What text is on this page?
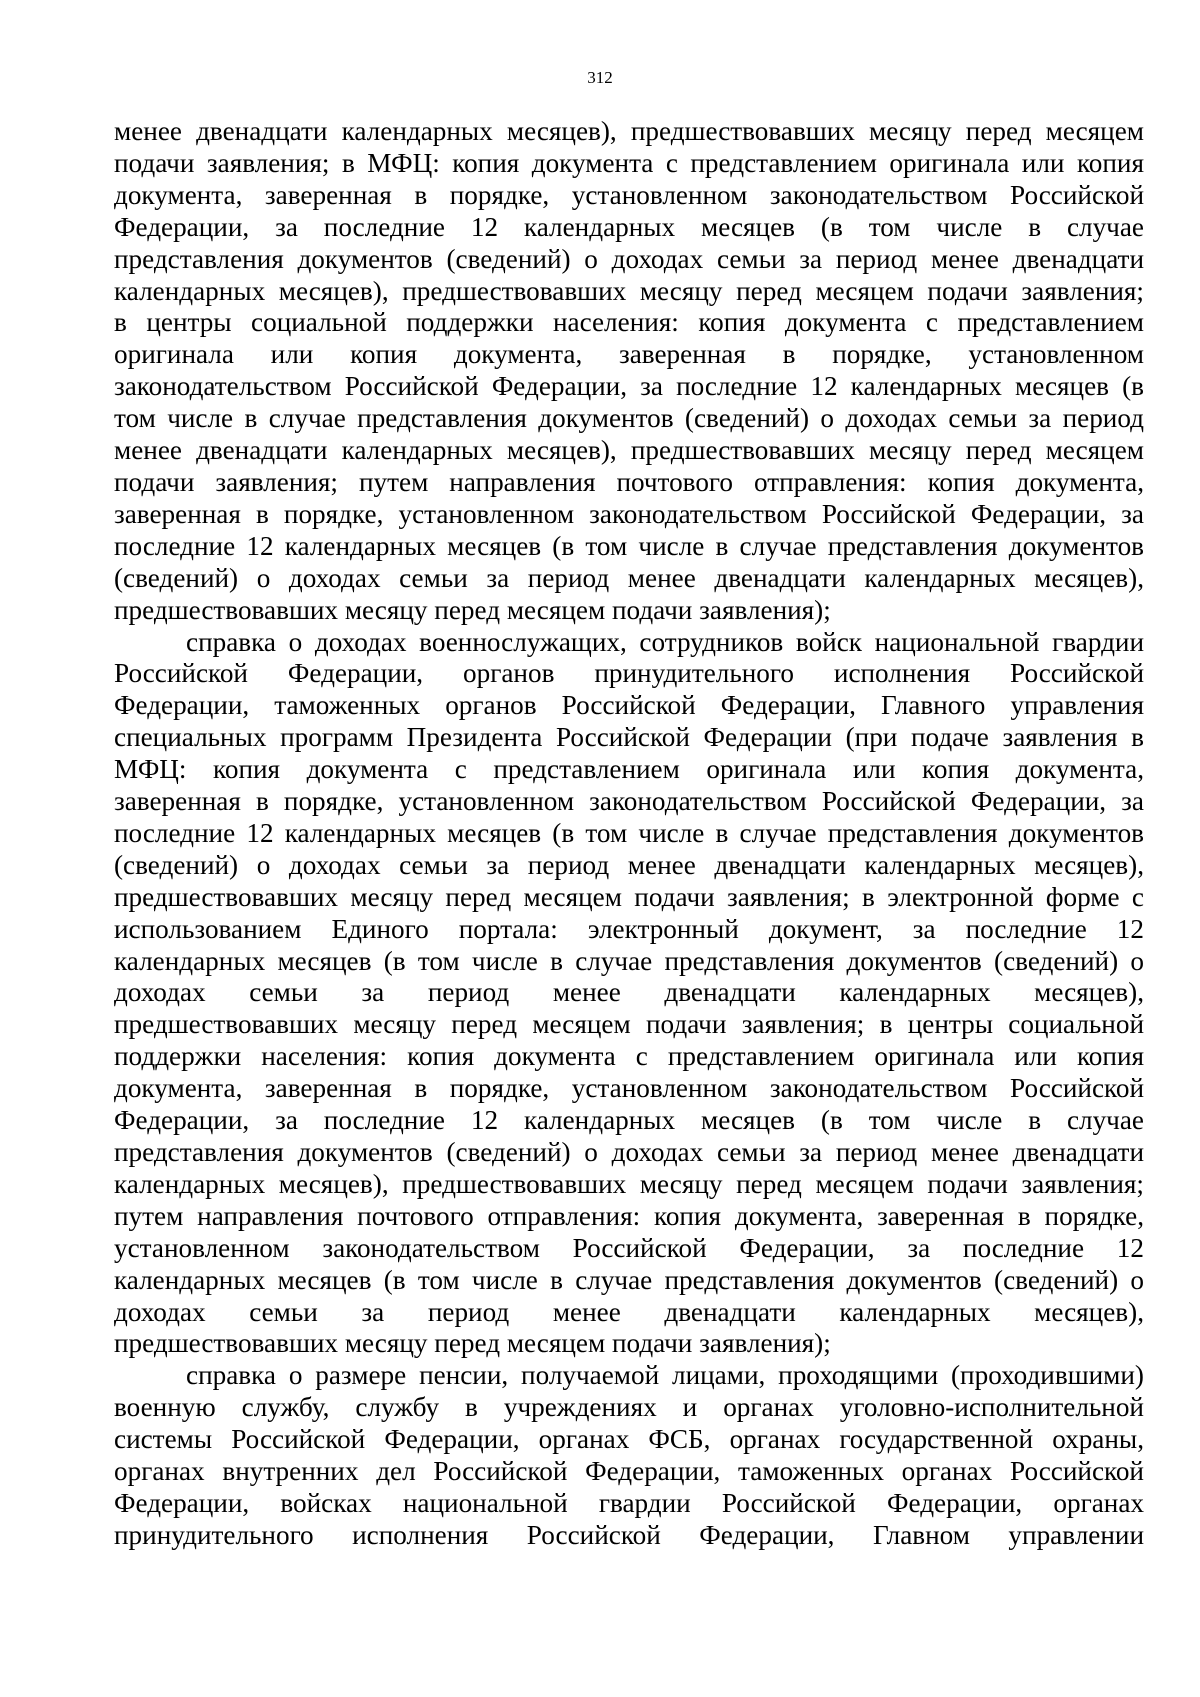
312
менее двенадцати календарных месяцев), предшествовавших месяцу перед месяцем
подачи заявления; в МФЦ: копия документа с представлением оригинала или копия
документа, заверенная в порядке, установленном законодательством Российской
Федерации, за последние 12 календарных месяцев (в том числе в случае
представления документов (сведений) о доходах семьи за период менее двенадцати
календарных месяцев), предшествовавших месяцу перед месяцем подачи заявления;
в центры социальной поддержки населения: копия документа с представлением
оригинала или копия документа, заверенная в порядке, установленном
законодательством Российской Федерации, за последние 12 календарных месяцев (в
том числе в случае представления документов (сведений) о доходах семьи за период
менее двенадцати календарных месяцев), предшествовавших месяцу перед месяцем
подачи заявления; путем направления почтового отправления: копия документа,
заверенная в порядке, установленном законодательством Российской Федерации, за
последние 12 календарных месяцев (в том числе в случае представления документов
(сведений) о доходах семьи за период менее двенадцати календарных месяцев),
предшествовавших месяцу перед месяцем подачи заявления);
справка о доходах военнослужащих, сотрудников войск национальной гвардии
Российской Федерации, органов принудительного исполнения Российской
Федерации, таможенных органов Российской Федерации, Главного управления
специальных программ Президента Российской Федерации (при подаче заявления в
МФЦ: копия документа с представлением оригинала или копия документа,
заверенная в порядке, установленном законодательством Российской Федерации, за
последние 12 календарных месяцев (в том числе в случае представления документов
(сведений) о доходах семьи за период менее двенадцати календарных месяцев),
предшествовавших месяцу перед месяцем подачи заявления; в электронной форме с
использованием Единого портала: электронный документ, за последние 12
календарных месяцев (в том числе в случае представления документов (сведений) о
доходах семьи за период менее двенадцати календарных месяцев),
предшествовавших месяцу перед месяцем подачи заявления; в центры социальной
поддержки населения: копия документа с представлением оригинала или копия
документа, заверенная в порядке, установленном законодательством Российской
Федерации, за последние 12 календарных месяцев (в том числе в случае
представления документов (сведений) о доходах семьи за период менее двенадцати
календарных месяцев), предшествовавших месяцу перед месяцем подачи заявления;
путем направления почтового отправления: копия документа, заверенная в порядке,
установленном законодательством Российской Федерации, за последние 12
календарных месяцев (в том числе в случае представления документов (сведений) о
доходах семьи за период менее двенадцати календарных месяцев),
предшествовавших месяцу перед месяцем подачи заявления);
справка о размере пенсии, получаемой лицами, проходящими (проходившими)
военную службу, службу в учреждениях и органах уголовно-исполнительной
системы Российской Федерации, органах ФСБ, органах государственной охраны,
органах внутренних дел Российской Федерации, таможенных органах Российской
Федерации, войсках национальной гвардии Российской Федерации, органах
принудительного исполнения Российской Федерации, Главном управлении
